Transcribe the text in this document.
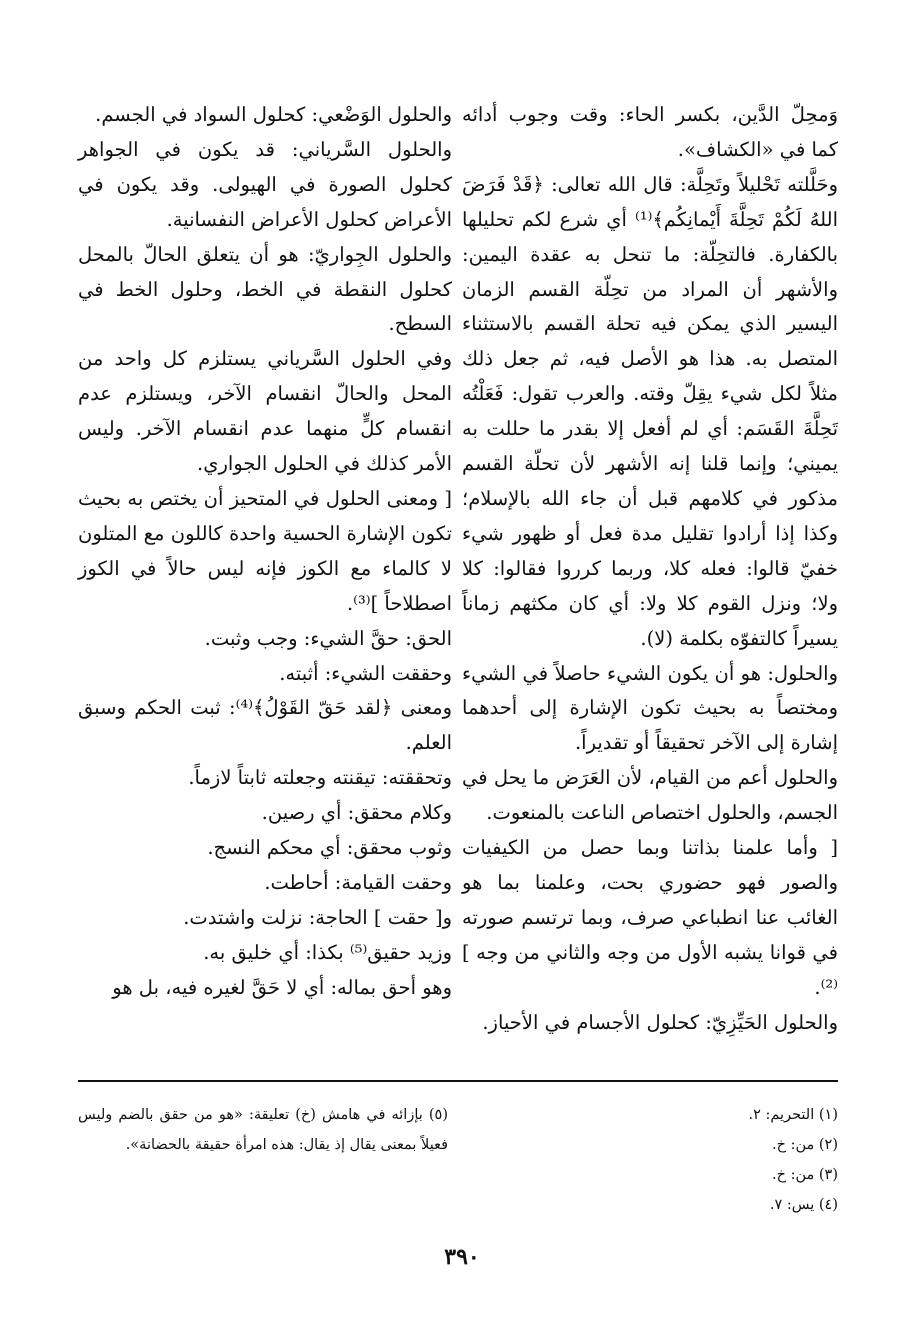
وَمحِلّ الدَّين، بكسر الحاء: وقت وجوب أدائه كما في «الكشاف».

وحَلَّلته تَحْليلاً وتَحِلَّة: قال الله تعالى: ﴿قَدْ فَرَضَ اللهُ لَكُمْ تَحِلَّةَ أَيْمانِكُم﴾⁽¹⁾ أي شرع لكم تحليلها بالكفارة. فالتحِلّة: ما تنحل به عقدة اليمين: والأشهر أن المراد من تحِلّة القسم الزمان اليسير الذي يمكن فيه تحلة القسم بالاستثناء المتصل به. هذا هو الأصل فيه، ثم جعل ذلك مثلاً لكل شيء يقِلّ وقته. والعرب تقول: فَعَلْتُه تَحِلَّةَ القَسَم: أي لم أفعل إلا بقدر ما حللت به يميني؛ وإنما قلنا إنه الأشهر لأن تحلّة القسم مذكور في كلامهم قبل أن جاء الله بالإسلام؛ وكذا إذا أرادوا تقليل مدة فعل أو ظهور شيء خفيّ قالوا: فعله كلا، وربما كرروا فقالوا: كلا ولا؛ ونزل القوم كلا ولا: أي كان مكثهم زماناً يسيراً كالتفوّه بكلمة (لا).

والحلول: هو أن يكون الشيء حاصلاً في الشيء ومختصاً به بحيث تكون الإشارة إلى أحدهما إشارة إلى الآخر تحقيقاً أو تقديراً.

والحلول أعم من القيام، لأن العَرَض ما يحل في الجسم، والحلول اختصاص الناعت بالمنعوت.

[ وأما علمنا بذاتنا وبما حصل من الكيفيات والصور فهو حضوري بحت، وعلمنا بما هو الغائب عنا انطباعي صرف، وبما ترتسم صورته في قوانا يشبه الأول من وجه والثاني من وجه ]⁽²⁾.

والحلول الحَيِّزِيّ: كحلول الأجسام في الأحياز.

والحلول الوَضْعي: كحلول السواد في الجسم.

والحلول السَّرياني: قد يكون في الجواهر كحلول الصورة في الهيولى. وقد يكون في الأعراض كحلول الأعراض النفسانية.

والحلول الجِواريّ: هو أن يتعلق الحالّ بالمحل كحلول النقطة في الخط، وحلول الخط في السطح.

وفي الحلول السَّرياني يستلزم كل واحد من المحل والحالّ انقسام الآخر، ويستلزم عدم انقسام كلٍّ منهما عدم انقسام الآخر. وليس الأمر كذلك في الحلول الجواري.

[ ومعنى الحلول في المتحيز أن يختص به بحيث تكون الإشارة الحسية واحدة كاللون مع المتلون لا كالماء مع الكوز فإنه ليس حالاً في الكوز اصطلاحاً ]⁽³⁾.

الحق: حقَّ الشيء: وجب وثبت.

وحققت الشيء: أثبته.

ومعنى ﴿لقد حَقّ القَوْلُ﴾⁽⁴⁾: ثبت الحكم وسبق العلم.

وتحققته: تيقنته وجعلته ثابتاً لازماً.

وكلام محقق: أي رصين.

وثوب محقق: أي محكم النسج.

وحقت القيامة: أحاطت.

و[ حقت ] الحاجة: نزلت واشتدت.

وزيد حقيق⁽⁵⁾ بكذا: أي خليق به.

وهو أحق بماله: أي لا حَقَّ لغيره فيه، بل هو

(١) التحريم: ٢.

(٢) من: خ.

(٣) من: خ.

(٤) يس: ٧.

(٥) بإزائه في هامش (خ) تعليقة: «هو من حقق بالضم وليس فعيلاً بمعنى يقال إذ يقال: هذه امرأة حقيقة بالحضانة».

٣٩٠
